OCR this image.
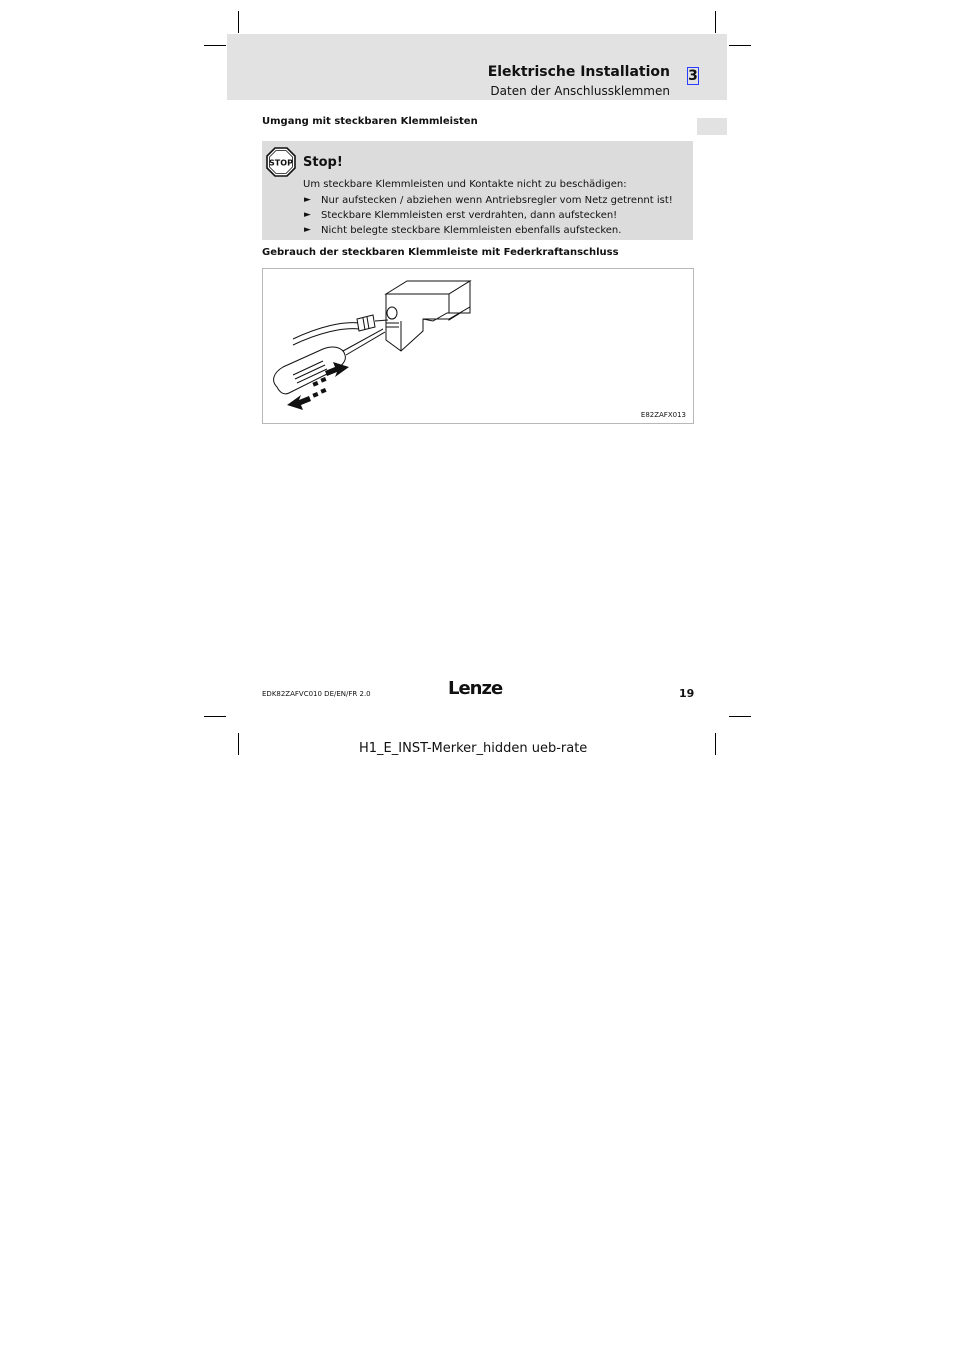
Elektrische Installation 3
Daten der Anschlussklemmen
Umgang mit steckbaren Klemmleisten
STOP Stop!
Um steckbare Klemmleisten und Kontakte nicht zu beschädigen:
► Nur aufstecken / abziehen wenn Antriebsregler vom Netz getrennt ist!
► Steckbare Klemmleisten erst verdrahten, dann aufstecken!
► Nicht belegte steckbare Klemmleisten ebenfalls aufstecken.
Gebrauch der steckbaren Klemmleiste mit Federkraftanschluss
E82ZAFX013
EDK82ZAFVC010 DE/EN/FR 2.0	Lenze	19
H1_E_INST-Merker_hidden ueb-rate
